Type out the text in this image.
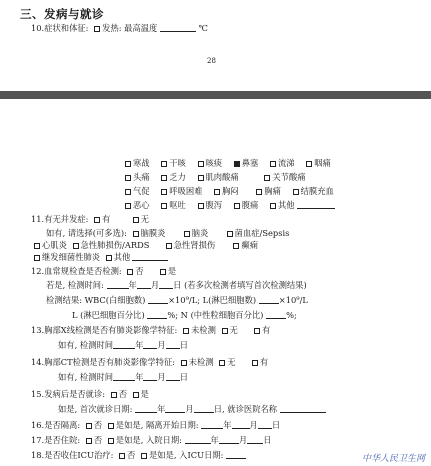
三、发病与就诊
10.症状和体征: 发热: 最高温度	℃
28
寒战 干咳 咳痰 鼻塞 流涕 咽痛
头痛 乏力 肌肉酸痛	关节酸痛
气促 呼吸困难 胸闷	胸痛 结膜充血
恶心 呕吐 腹泻 腹痛 其他
11.有无并发症: 有	无
如有, 请选择(可多选): 脑膜炎	脑炎	菌血症/Sepsis
心肌炎 急性肺损伤/ARDS	急性肾损伤	癫痫
继发细菌性肺炎 其他
12.血常规检查是否检测: 否	是
若是, 检测时间:	年 月 日 (若多次检测者填写首次检测结果)
检测结果: WBC(白细胞数)	×10⁹/L; L(淋巴细胞数)	×10⁹/L
L (淋巴细胞百分比)	%; N (中性粒细胞百分比)	%;
13.胸部X线检测是否有肺炎影像学特征: 未检测 无	有
如有, 检测时间	年 月 日
14.胸部CT检测是否有肺炎影像学特征: 未检测 无	有
如有, 检测时间	年 月 日
15.发病后是否就诊: 否 是
如是, 首次就诊日期:	年 月 日, 就诊医院名称
16.是否隔离: 否 是如是, 隔离开始日期:	年 月 日
17.是否住院: 否 是如是, 入院日期:	年 月 日
18.是否收住ICU治疗: 否 是如是, 入ICU日期:	中华人民卫生网
